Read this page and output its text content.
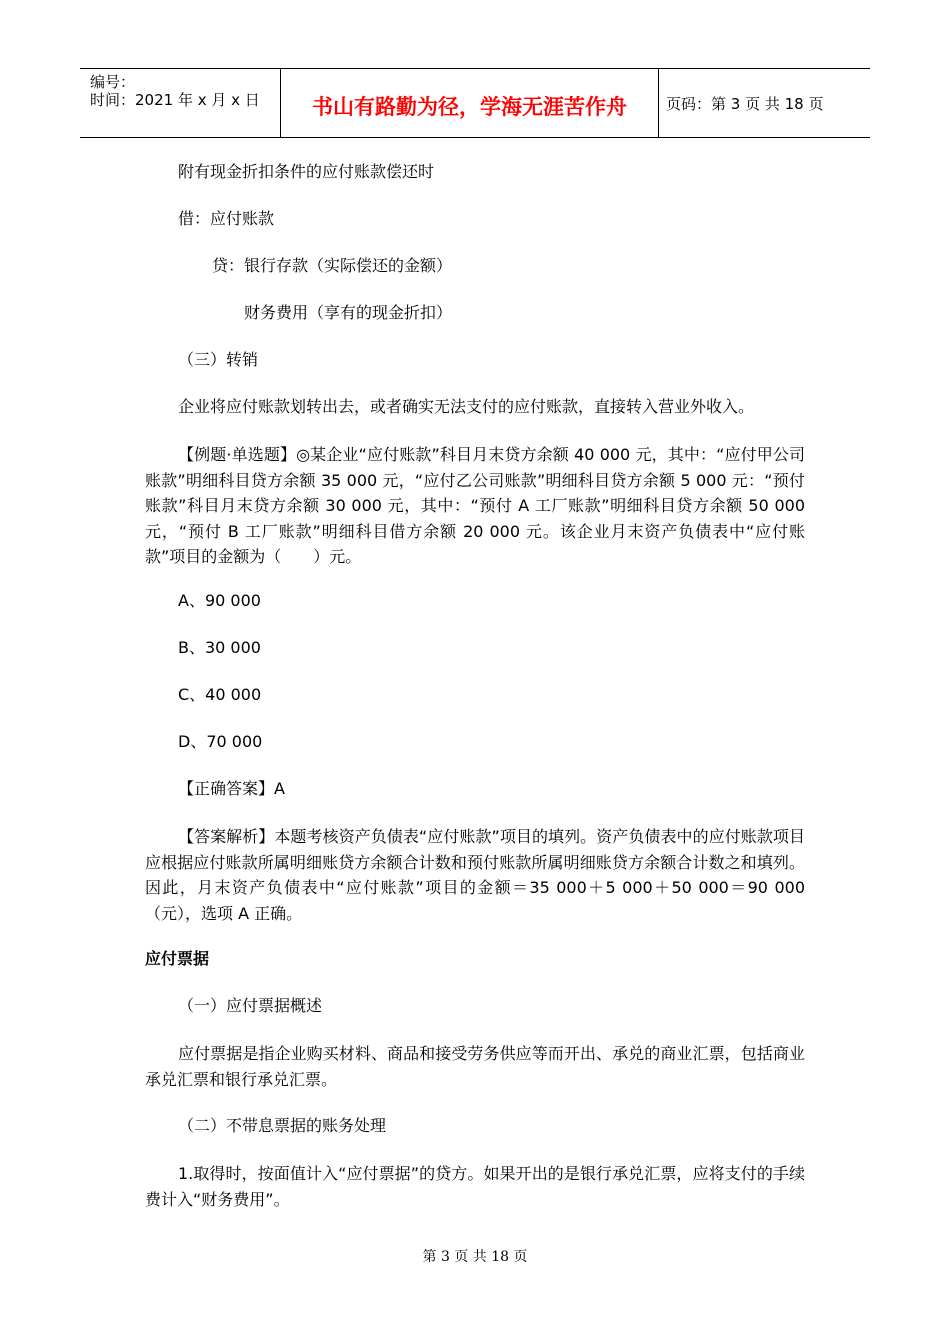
编号：
时间：2021 年 x 月 x 日	书山有路勤为径，学海无涯苦作舟	页码：第 3 页 共 18 页
附有现金折扣条件的应付账款偿还时
借：应付账款
贷：银行存款（实际偿还的金额）
财务费用（享有的现金折扣）
（三）转销
企业将应付账款划转出去，或者确实无法支付的应付账款，直接转入营业外收入。
【例题·单选题】◎某企业“应付账款”科目月末贷方余额 40 000 元，其中：“应付甲公司账款”明细科目贷方余额 35 000 元，“应付乙公司账款”明细科目贷方余额 5 000 元：“预付账款”科目月末贷方余额 30 000 元，其中：“预付 A 工厂账款”明细科目贷方余额 50 000 元，“预付 B 工厂账款”明细科目借方余额 20 000 元。该企业月末资产负债表中“应付账款”项目的金额为（　　）元。
A、90 000
B、30 000
C、40 000
D、70 000
【正确答案】A
【答案解析】本题考核资产负债表“应付账款”项目的填列。资产负债表中的应付账款项目应根据应付账款所属明细账贷方余额合计数和预付账款所属明细账贷方余额合计数之和填列。因此，月末资产负债表中“应付账款”项目的金额＝35 000＋5 000＋50 000＝90 000（元），选项 A 正确。
应付票据
（一）应付票据概述
应付票据是指企业购买材料、商品和接受劳务供应等而开出、承兑的商业汇票，包括商业承兑汇票和银行承兑汇票。
（二）不带息票据的账务处理
1.取得时，按面值计入“应付票据”的贷方。如果开出的是银行承兑汇票，应将支付的手续费计入“财务费用”。
第 3 页 共 18 页
